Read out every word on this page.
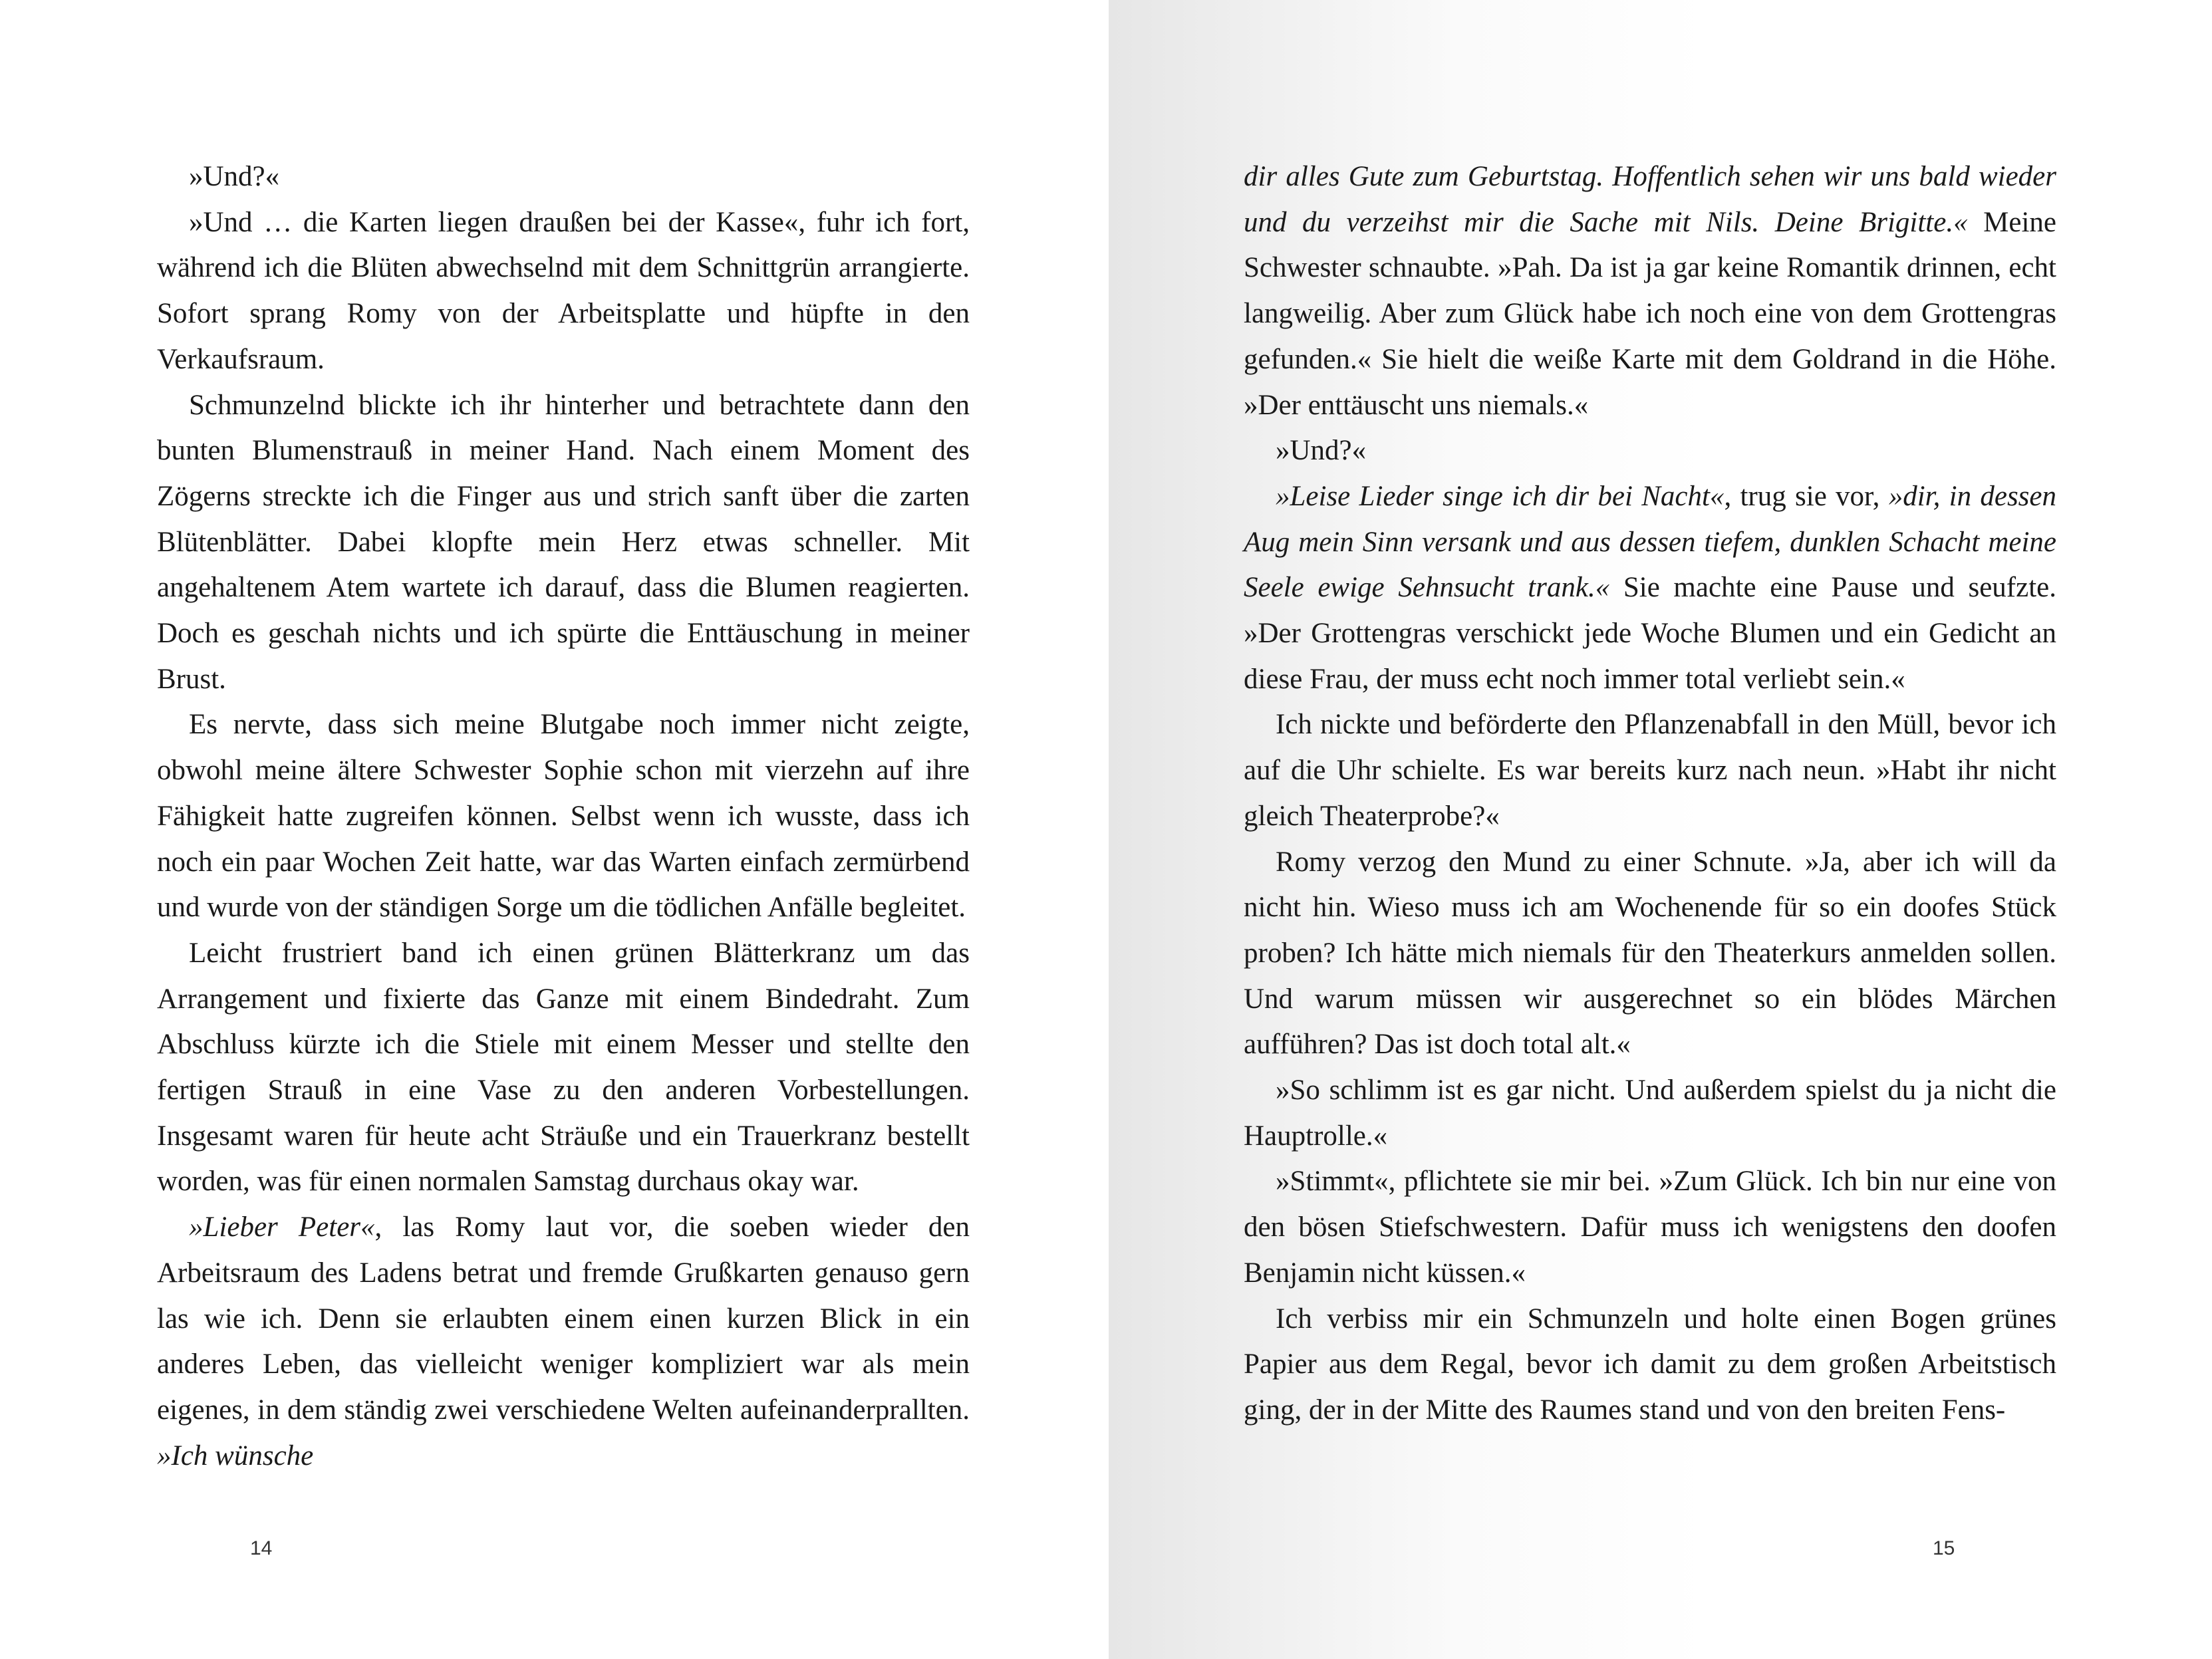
»Und?«

»Und … die Karten liegen draußen bei der Kasse«, fuhr ich fort, während ich die Blüten abwechselnd mit dem Schnittgrün arrangierte. Sofort sprang Romy von der Arbeitsplatte und hüpfte in den Verkaufsraum.

Schmunzelnd blickte ich ihr hinterher und betrachtete dann den bunten Blumenstrauß in meiner Hand. Nach einem Moment des Zögerns streckte ich die Finger aus und strich sanft über die zarten Blütenblätter. Dabei klopfte mein Herz etwas schneller. Mit angehaltenem Atem wartete ich darauf, dass die Blumen reagierten. Doch es geschah nichts und ich spürte die Enttäuschung in meiner Brust.

Es nervte, dass sich meine Blutgabe noch immer nicht zeigte, obwohl meine ältere Schwester Sophie schon mit vierzehn auf ihre Fähigkeit hatte zugreifen können. Selbst wenn ich wusste, dass ich noch ein paar Wochen Zeit hatte, war das Warten einfach zermürbend und wurde von der ständigen Sorge um die tödlichen Anfälle begleitet.

Leicht frustriert band ich einen grünen Blätterkranz um das Arrangement und fixierte das Ganze mit einem Bindedraht. Zum Abschluss kürzte ich die Stiele mit einem Messer und stellte den fertigen Strauß in eine Vase zu den anderen Vorbestellungen. Insgesamt waren für heute acht Sträuße und ein Trauerkranz bestellt worden, was für einen normalen Samstag durchaus okay war.

»Lieber Peter«, las Romy laut vor, die soeben wieder den Arbeitsraum des Ladens betrat und fremde Grußkarten genauso gern las wie ich. Denn sie erlaubten einem einen kurzen Blick in ein anderes Leben, das vielleicht weniger kompliziert war als mein eigenes, in dem ständig zwei verschiedene Welten aufeinanderprallten. »Ich wünsche

14

dir alles Gute zum Geburtstag. Hoffentlich sehen wir uns bald wieder und du verzeihst mir die Sache mit Nils. Deine Brigitte.« Meine Schwester schnaubte. »Pah. Da ist ja gar keine Romantik drinnen, echt langweilig. Aber zum Glück habe ich noch eine von dem Grottengras gefunden.« Sie hielt die weiße Karte mit dem Goldrand in die Höhe. »Der enttäuscht uns niemals.«

»Und?«

»Leise Lieder singe ich dir bei Nacht«, trug sie vor, »dir, in dessen Aug mein Sinn versank und aus dessen tiefem, dunklen Schacht meine Seele ewige Sehnsucht trank.« Sie machte eine Pause und seufzte. »Der Grottengras verschickt jede Woche Blumen und ein Gedicht an diese Frau, der muss echt noch immer total verliebt sein.«

Ich nickte und beförderte den Pflanzenabfall in den Müll, bevor ich auf die Uhr schielte. Es war bereits kurz nach neun. »Habt ihr nicht gleich Theaterprobe?«

Romy verzog den Mund zu einer Schnute. »Ja, aber ich will da nicht hin. Wieso muss ich am Wochenende für so ein doofes Stück proben? Ich hätte mich niemals für den Theaterkurs anmelden sollen. Und warum müssen wir ausgerechnet so ein blödes Märchen aufführen? Das ist doch total alt.«

»So schlimm ist es gar nicht. Und außerdem spielst du ja nicht die Hauptrolle.«

»Stimmt«, pflichtete sie mir bei. »Zum Glück. Ich bin nur eine von den bösen Stiefschwestern. Dafür muss ich wenigstens den doofen Benjamin nicht küssen.«

Ich verbiss mir ein Schmunzeln und holte einen Bogen grünes Papier aus dem Regal, bevor ich damit zu dem großen Arbeitstisch ging, der in der Mitte des Raumes stand und von den breiten Fens-

15
